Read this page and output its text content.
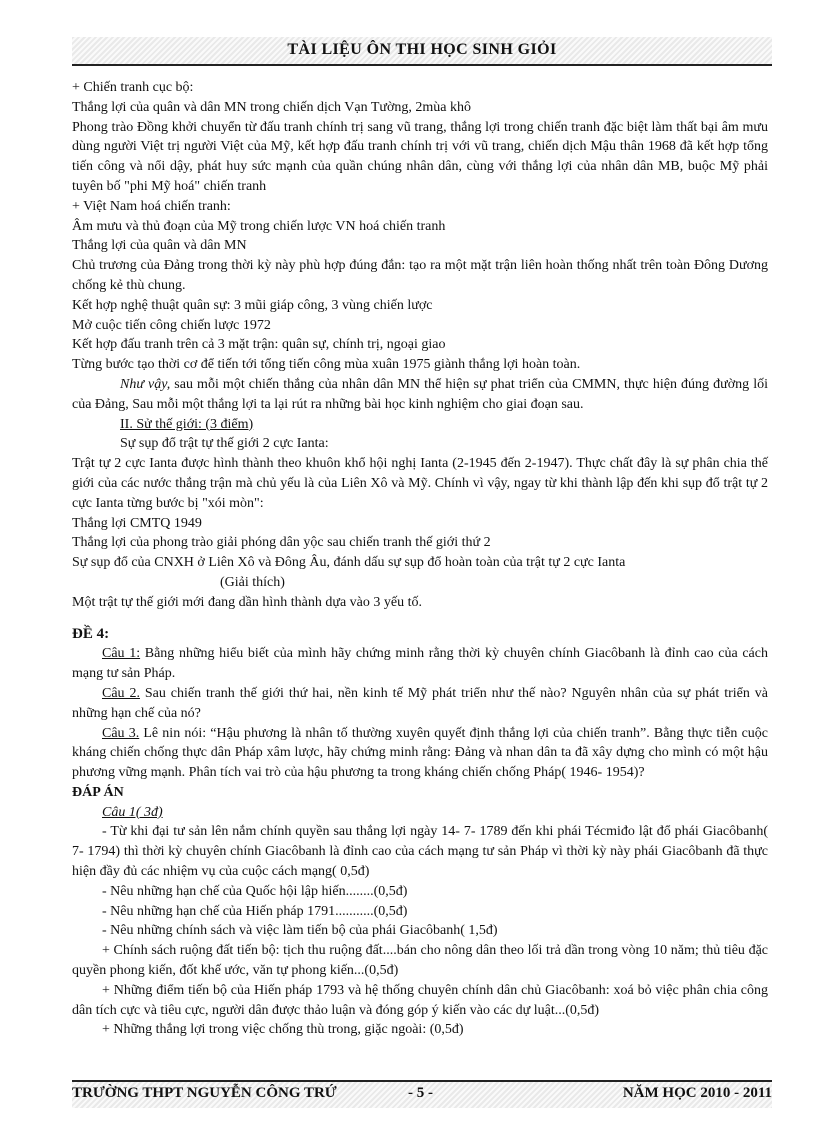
TÀI LIỆU ÔN THI HỌC SINH GIỎI

+ Chiến tranh cục bộ:

Thắng lợi của quân và dân MN trong chiến dịch Vạn Tường, 2mùa khô

Phong trào Đồng khởi chuyển từ đấu tranh chính trị sang vũ trang, thắng lợi trong chiến tranh đặc biệt làm thất bại âm mưu dùng người Việt trị người Việt của Mỹ, kết hợp đấu tranh chính trị với vũ trang, chiến dịch Mậu thân 1968 đã kết hợp tổng tiến công và nổi dậy, phát huy sức mạnh của quần chúng nhân dân, cùng với thắng lợi của nhân dân MB, buộc Mỹ phải tuyên bố "phi Mỹ hoá" chiến tranh

+ Việt Nam hoá chiến tranh:

Âm mưu và thủ đoạn của Mỹ trong chiến lược VN hoá chiến tranh

Thắng lợi của quân và dân MN

Chủ trương của Đảng trong thời kỳ này phù hợp đúng đắn: tạo ra một mặt trận liên hoàn thống nhất trên toàn Đông Dương chống kẻ thù chung.

Kết hợp nghệ thuật quân sự: 3 mũi giáp công, 3 vùng chiến lược

Mở cuộc tiến công chiến lược 1972

Kết hợp đấu tranh trên cả 3 mặt trận: quân sự, chính trị, ngoại giao

Từng bước tạo thời cơ để tiến tới tổng tiến công mùa xuân 1975 giành thắng lợi hoàn toàn.

Như vậy, sau mỗi một chiến thắng của nhân dân MN thể hiện sự phat triển của CMMN, thực hiện đúng đường lối của Đảng, Sau mỗi một thắng lợi ta lại rút ra những bài học kinh nghiệm cho giai đoạn sau.

II. Sử thế giới: (3 điểm)

Sự sụp đổ trật tự thế giới 2 cực Ianta:

Trật tự 2 cực Ianta được hình thành theo khuôn khổ hội nghị Ianta (2-1945 đến 2-1947). Thực chất đây là sự phân chia thế giới của các nước thắng trận mà chủ yếu là của Liên Xô và Mỹ. Chính vì vậy, ngay từ khi thành lập đến khi sụp đổ trật tự 2 cực Ianta từng bước bị "xói mòn":

Thắng lợi CMTQ 1949

Thắng lợi của phong trào giải phóng dân yộc sau chiến tranh thế giới thứ 2

Sự sụp đổ của CNXH ở Liên Xô và Đông Âu, đánh dấu sự sụp đổ hoàn toàn của trật tự 2 cực Ianta

(Giải thích)

Một trật tự thế giới mới đang dần hình thành dựa vào 3 yếu tố.

ĐỀ 4:

Câu 1: Bằng những hiểu biết của mình hãy chứng minh rằng thời kỳ chuyên chính Giacôbanh là đỉnh cao của cách mạng tư sản Pháp.

Câu 2. Sau chiến tranh thế giới thứ hai, nền kinh tế Mỹ phát triển như thế nào? Nguyên nhân của sự phát triển và những hạn chế của nó?

Câu 3. Lê nin nói: “Hậu phương là nhân tố thường xuyên quyết định thắng lợi của chiến tranh”. Bằng thực tiễn cuộc kháng chiến chống thực dân Pháp xâm lược, hãy chứng minh rằng: Đảng và nhan dân ta đã xây dựng cho mình có một hậu phương vững mạnh. Phân tích vai trò của hậu phương ta trong kháng chiến chống Pháp( 1946- 1954)?

ĐÁP ÁN

Câu 1( 3đ)

- Từ khi đại tư sản lên nắm chính quyền sau thắng lợi ngày 14- 7- 1789 đến khi phái Técmiđo lật đổ phái Giacôbanh( 7- 1794) thì thời kỳ chuyên chính Giacôbanh là đỉnh cao của cách mạng tư sản Pháp vì thời kỳ này phái Giacôbanh đã thực hiện đầy đủ các nhiệm vụ của cuộc cách mạng( 0,5đ)

- Nêu những hạn chế của Quốc hội lập hiến........(0,5đ)

- Nêu những hạn chế của Hiến pháp 1791...........(0,5đ)

- Nêu những chính sách và việc làm tiến bộ của phái Giacôbanh( 1,5đ)

+ Chính sách ruộng đất tiến bộ: tịch thu ruộng đất....bán cho nông dân theo lối trả dần trong vòng 10 năm; thủ tiêu đặc quyền phong kiến, đốt khế ước, văn tự phong kiến...(0,5đ)

+ Những điểm tiến bộ của Hiến pháp 1793 và hệ thống chuyên chính dân chủ Giacôbanh: xoá bỏ việc phân chia công dân tích cực và tiêu cực, người dân được thảo luận và đóng góp ý kiến vào các dự luật...(0,5đ)

+ Những thắng lợi trong việc chống thù trong, giặc ngoài: (0,5đ)

TRƯỜNG THPT NGUYỄN CÔNG TRỨ	- 5 -	NĂM HỌC 2010 - 2011
